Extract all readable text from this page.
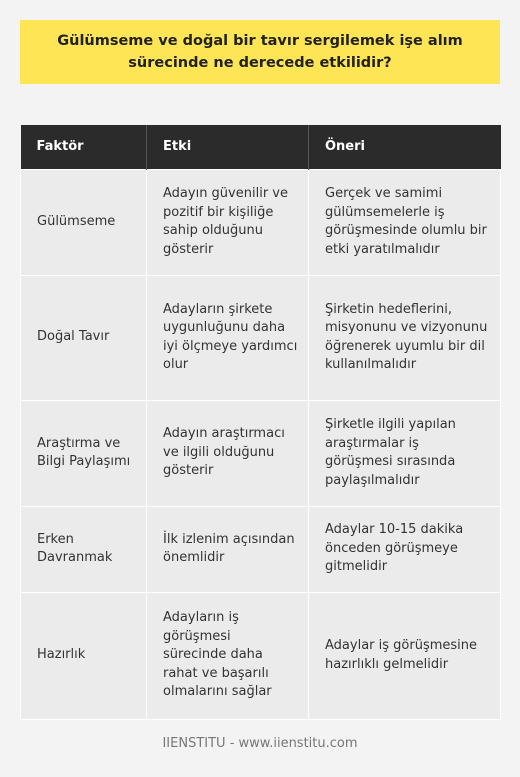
Gülümseme ve doğal bir tavır sergilemek işe alım sürecinde ne derecede etkilidir?
Faktör	Etki	Öneri
Gülümseme	Adayın güvenilir ve pozitif bir kişiliğe sahip olduğunu gösterir	Gerçek ve samimi gülümsemelerle iş görüşmesinde olumlu bir etki yaratılmalıdır
Doğal Tavır	Adayların şirkete uygunluğunu daha iyi ölçmeye yardımcı olur	Şirketin hedeflerini, misyonunu ve vizyonunu öğrenerek uyumlu bir dil kullanılmalıdır
Araştırma ve Bilgi Paylaşımı	Adayın araştırmacı ve ilgili olduğunu gösterir	Şirketle ilgili yapılan araştırmalar iş görüşmesi sırasında paylaşılmalıdır
Erken Davranmak	İlk izlenim açısından önemlidir	Adaylar 10-15 dakika önceden görüşmeye gitmelidir
Hazırlık	Adayların iş görüşmesi sürecinde daha rahat ve başarılı olmalarını sağlar	Adaylar iş görüşmesine hazırlıklı gelmelidir
IIENSTITU - www.iienstitu.com
